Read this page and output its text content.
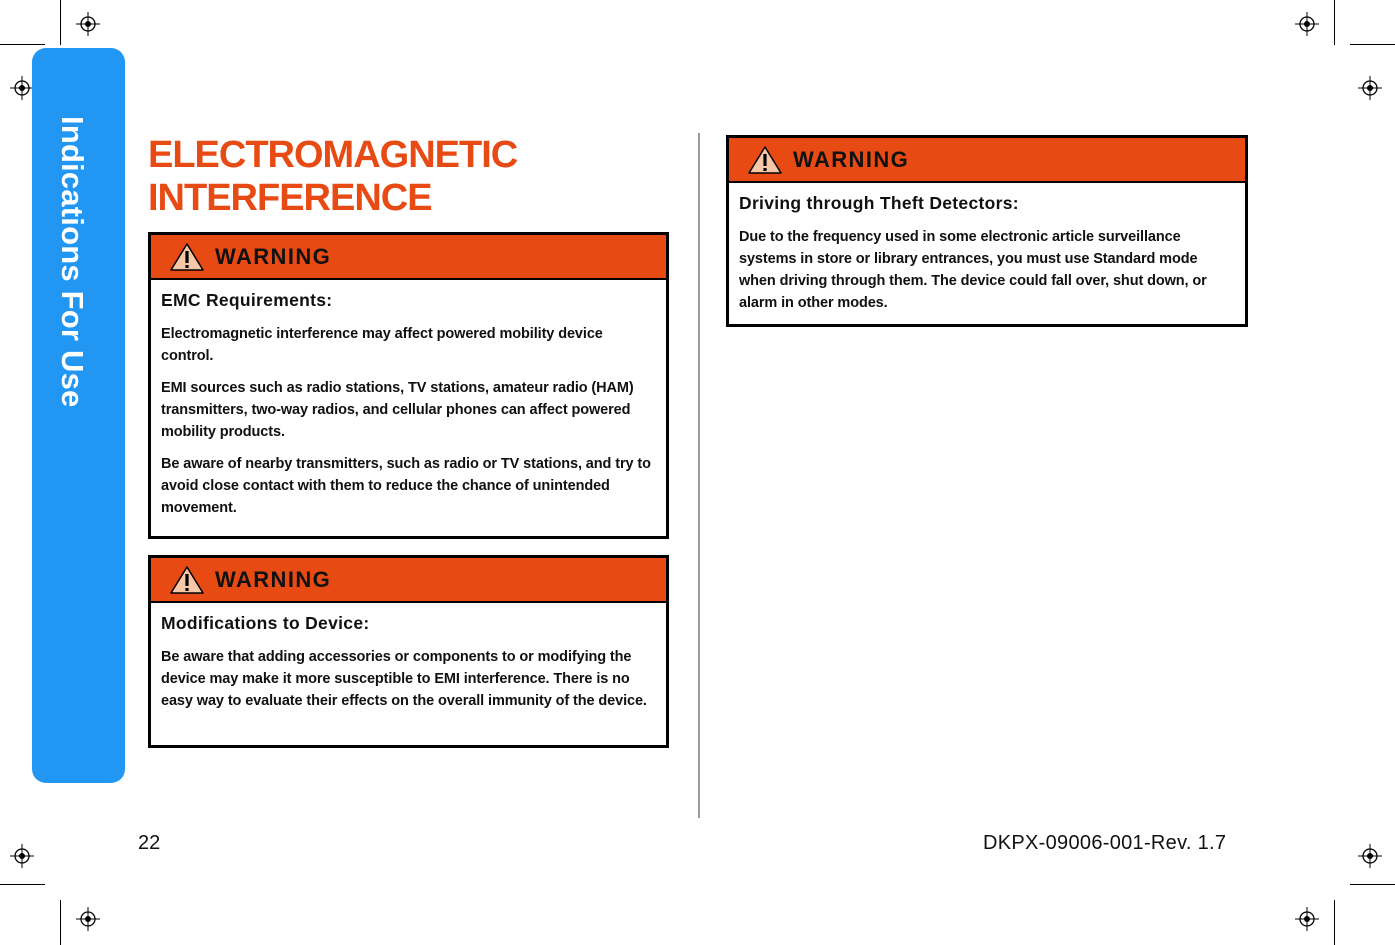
Indications For Use ELECTROMAGNETIC
INTERFERENCE
WARNING
EMC Requirements:

Electromagnetic interference may affect powered mobility device control.

EMI sources such as radio stations, TV stations, amateur radio (HAM) transmitters, two-way radios, and cellular phones can affect powered mobility products.

Be aware of nearby transmitters, such as radio or TV stations, and try to avoid close contact with them to reduce the chance of unintended movement.

WARNING
Modifications to Device:

Be aware that adding accessories or components to or modifying the device may make it more susceptible to EMI interference. There is no easy way to evaluate their effects on the overall immunity of the device.

WARNING
Driving through Theft Detectors:

Due to the frequency used in some electronic article surveillance systems in store or library entrances, you must use Standard mode when driving through them. The device could fall over, shut down, or alarm in other modes.

22	DKPX-09006-001-Rev. 1.7
